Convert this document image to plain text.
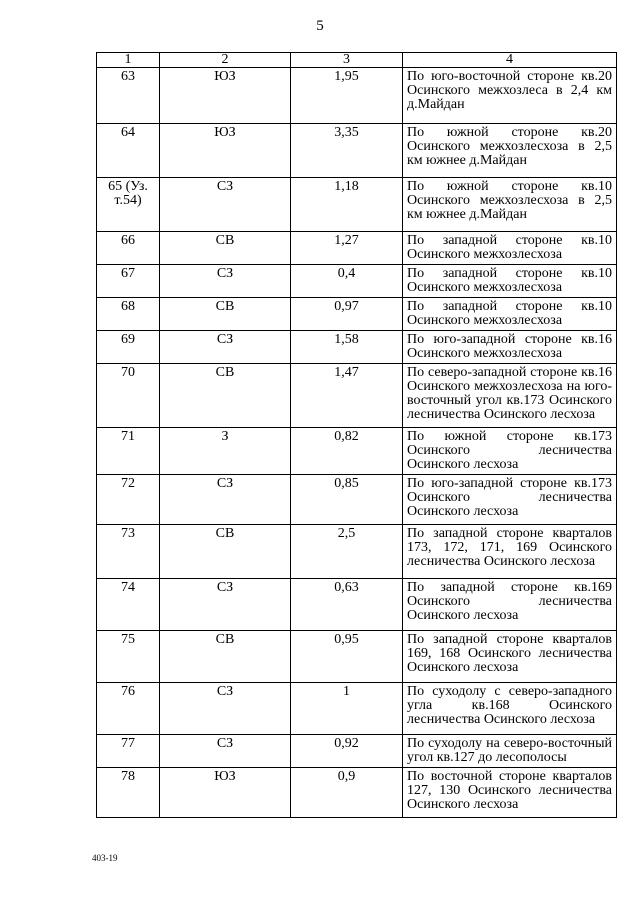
5
1	2	3	4
63	ЮЗ	1,95	По юго-восточной стороне кв.20 Осинского межхозлеса в 2,4 км д.Майдан
64	ЮЗ	3,35	По южной стороне кв.20 Осинского межхозлесхоза в 2,5 км южнее д.Майдан
65 (Уз. т.54)	СЗ	1,18	По южной стороне кв.10 Осинского межхозлесхоза в 2,5 км южнее д.Майдан
66	СВ	1,27	По западной стороне кв.10 Осинского межхозлесхоза
67	СЗ	0,4	По западной стороне кв.10 Осинского межхозлесхоза
68	СВ	0,97	По западной стороне кв.10 Осинского межхозлесхоза
69	СЗ	1,58	По юго-западной стороне кв.16 Осинского межхозлесхоза
70	СВ	1,47	По северо-западной стороне кв.16 Осинского межхозлесхоза на юго-восточный угол кв.173 Осинского лесничества Осинского лесхоза
71	З	0,82	По южной стороне кв.173 Осинского лесничества Осинского лесхоза
72	СЗ	0,85	По юго-западной стороне кв.173 Осинского лесничества Осинского лесхоза
73	СВ	2,5	По западной стороне кварталов 173, 172, 171, 169 Осинского лесничества Осинского лесхоза
74	СЗ	0,63	По западной стороне кв.169 Осинского лесничества Осинского лесхоза
75	СВ	0,95	По западной стороне кварталов 169, 168 Осинского лесничества Осинского лесхоза
76	СЗ	1	По суходолу с северо-западного угла кв.168 Осинского лесничества Осинского лесхоза
77	СЗ	0,92	По суходолу на северо-восточный угол кв.127 до лесополосы
78	ЮЗ	0,9	По восточной стороне кварталов 127, 130 Осинского лесничества Осинского лесхоза
403-19
